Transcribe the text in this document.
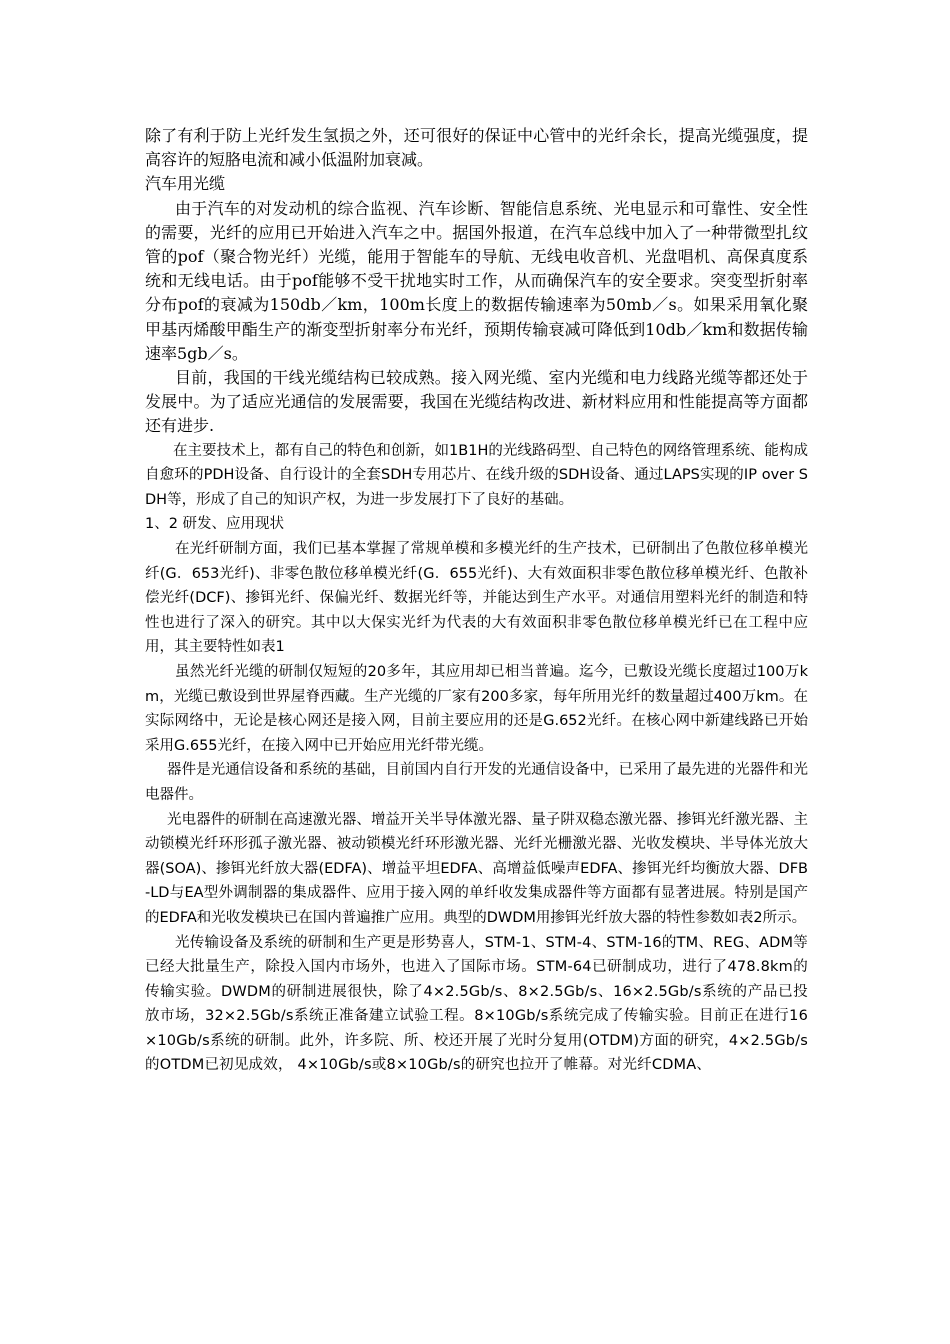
除了有利于防上光纤发生氢损之外，还可很好的保证中心管中的光纤余长，提高光缆强度，提高容许的短胳电流和减小低温附加衰减。

汽车用光缆

由于汽车的对发动机的综合监视、汽车诊断、智能信息系统、光电显示和可靠性、安全性的需要，光纤的应用已开始进入汽车之中。据国外报道，在汽车总线中加入了一种带微型扎纹管的pof（聚合物光纤）光缆，能用于智能车的导航、无线电收音机、光盘唱机、高保真度系统和无线电话。由于pof能够不受干扰地实时工作，从而确保汽车的安全要求。突变型折射率分布pof的衰减为150db／km，100m长度上的数据传输速率为50mb／s。如果采用氧化聚甲基丙烯酸甲酯生产的渐变型折射率分布光纤，预期传输衰减可降低到10db／km和数据传输速率5gb／s。

目前，我国的干线光缆结构已较成熟。接入网光缆、室内光缆和电力线路光缆等都还处于发展中。为了适应光通信的发展需要，我国在光缆结构改进、新材料应用和性能提高等方面都还有进步.

在主要技术上，都有自己的特色和创新，如1B1H的光线路码型、自己特色的网络管理系统、能构成自愈环的PDH设备、自行设计的全套SDH专用芯片、在线升级的SDH设备、通过LAPS实现的IP over SDH等，形成了自己的知识产权，为进一步发展打下了良好的基础。

1、2 研发、应用现状

在光纤研制方面，我们已基本掌握了常规单模和多模光纤的生产技术，已研制出了色散位移单模光纤(G．653光纤)、非零色散位移单模光纤(G．655光纤)、大有效面积非零色散位移单模光纤、色散补偿光纤(DCF)、掺铒光纤、保偏光纤、数据光纤等，并能达到生产水平。对通信用塑料光纤的制造和特性也进行了深入的研究。其中以大保实光纤为代表的大有效面积非零色散位移单模光纤已在工程中应用，其主要特性如表1

虽然光纤光缆的研制仅短短的20多年，其应用却已相当普遍。迄今，已敷设光缆长度超过100万km，光缆已敷设到世界屋脊西藏。生产光缆的厂家有200多家，每年所用光纤的数量超过400万km。在实际网络中，无论是核心网还是接入网，目前主要应用的还是G.652光纤。在核心网中新建线路已开始采用G.655光纤，在接入网中已开始应用光纤带光缆。

器件是光通信设备和系统的基础，目前国内自行开发的光通信设备中，已采用了最先进的光器件和光电器件。

光电器件的研制在高速激光器、增益开关半导体激光器、量子阱双稳态激光器、掺铒光纤激光器、主动锁模光纤环形孤子激光器、被动锁模光纤环形激光器、光纤光栅激光器、光收发模块、半导体光放大器(SOA)、掺铒光纤放大器(EDFA)、增益平坦EDFA、高增益低噪声EDFA、掺铒光纤均衡放大器、DFB-LD与EA型外调制器的集成器件、应用于接入网的单纤收发集成器件等方面都有显著进展。特别是国产的EDFA和光收发模块已在国内普遍推广应用。典型的DWDM用掺铒光纤放大器的特性参数如表2所示。

光传输设备及系统的研制和生产更是形势喜人，STM-1、STM-4、STM-16的TM、REG、ADM等已经大批量生产，除投入国内市场外，也进入了国际市场。STM-64已研制成功，进行了478.8km的传输实验。DWDM的研制进展很快，除了4×2.5Gb/s、8×2.5Gb/s、16×2.5Gb/s系统的产品已投放市场，32×2.5Gb/s系统正准备建立试验工程。8×10Gb/s系统完成了传输实验。目前正在进行16×10Gb/s系统的研制。此外，许多院、所、校还开展了光时分复用(OTDM)方面的研究，4×2.5Gb/s的OTDM已初见成效， 4×10Gb/s或8×10Gb/s的研究也拉开了帷幕。对光纤CDMA、
